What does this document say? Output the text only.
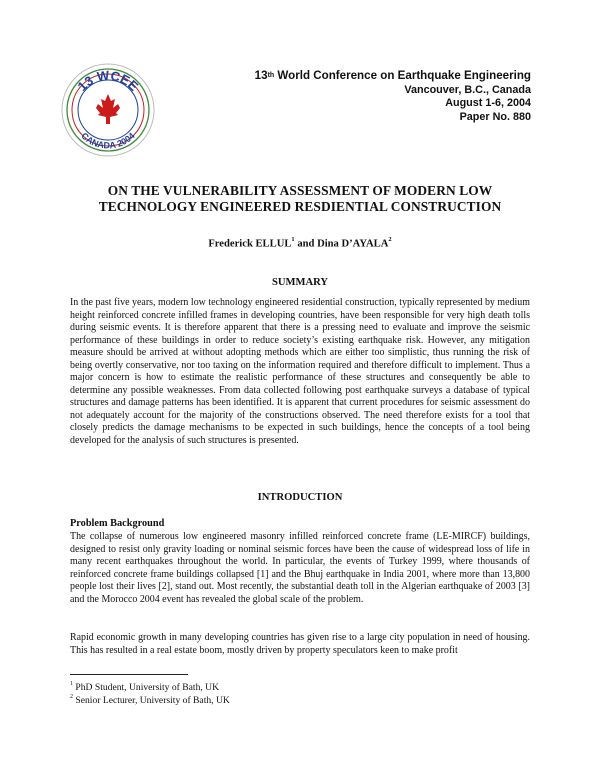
13 WCEE
CANADA 2004
13th World Conference on Earthquake Engineering
Vancouver, B.C., Canada
August 1-6, 2004
Paper No. 880
ON THE VULNERABILITY ASSESSMENT OF MODERN LOW
TECHNOLOGY ENGINEERED RESDIENTIAL CONSTRUCTION
Frederick ELLUL$^1$ and Dina D’AYALA$^2$
SUMMARY
In the past five years, modern low technology engineered residential construction, typically represented by medium height reinforced concrete infilled frames in developing countries, have been responsible for very high death tolls during seismic events. It is therefore apparent that there is a pressing need to evaluate and improve the seismic performance of these buildings in order to reduce society’s existing earthquake risk. However, any mitigation measure should be arrived at without adopting methods which are either too simplistic, thus running the risk of being overtly conservative, nor too taxing on the information required and therefore difficult to implement. Thus a major concern is how to estimate the realistic performance of these structures and consequently be able to determine any possible weaknesses. From data collected following post earthquake surveys a database of typical structures and damage patterns has been identified. It is apparent that current procedures for seismic assessment do not adequately account for the majority of the constructions observed. The need therefore exists for a tool that closely predicts the damage mechanisms to be expected in such buildings, hence the concepts of a tool being developed for the analysis of such structures is presented.
INTRODUCTION
Problem Background
The collapse of numerous low engineered masonry infilled reinforced concrete frame (LE-MIRCF) buildings, designed to resist only gravity loading or nominal seismic forces have been the cause of widespread loss of life in many recent earthquakes throughout the world. In particular, the events of Turkey 1999, where thousands of reinforced concrete frame buildings collapsed [1] and the Bhuj earthquake in India 2001, where more than 13,800 people lost their lives [2], stand out. Most recently, the substantial death toll in the Algerian earthquake of 2003 [3] and the Morocco 2004 event has revealed the global scale of the problem.
Rapid economic growth in many developing countries has given rise to a large city population in need of housing. This has resulted in a real estate boom, mostly driven by property speculators keen to make profit
$^1$ PhD Student, University of Bath, UK
$^2$ Senior Lecturer, University of Bath, UK
